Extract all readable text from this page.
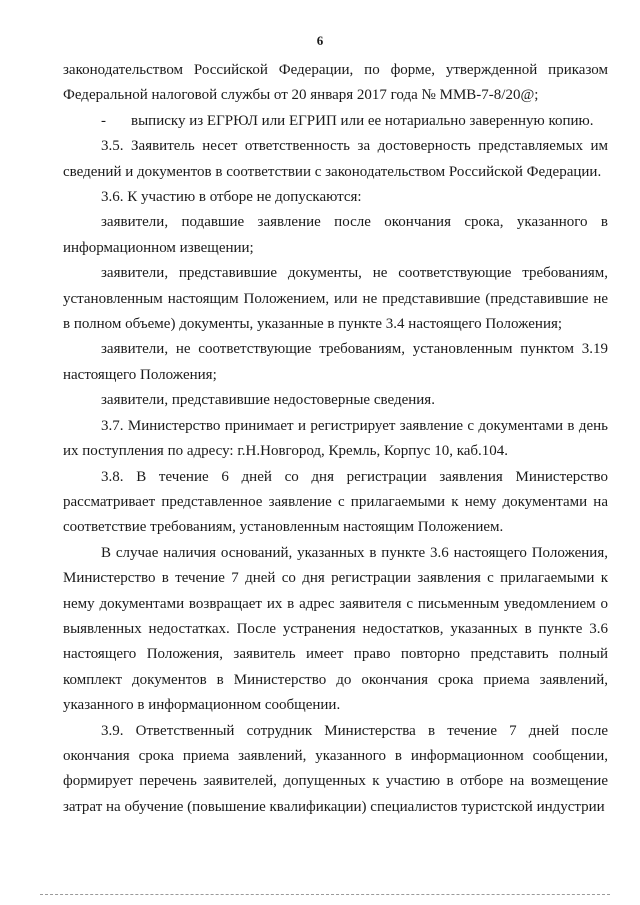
6

законодательством Российской Федерации, по форме, утвержденной приказом Федеральной налоговой службы от 20 января 2017 года № ММВ-7-8/20@;

-	выписку из ЕГРЮЛ или ЕГРИП или ее нотариально заверенную копию.

3.5. Заявитель несет ответственность за достоверность представляемых им сведений и документов в соответствии с законодательством Российской Федерации.

3.6. К участию в отборе не допускаются:

заявители, подавшие заявление после окончания срока, указанного в информационном извещении;

заявители, представившие документы, не соответствующие требованиям, установленным настоящим Положением, или не представившие (представившие не в полном объеме) документы, указанные в пункте 3.4 настоящего Положения;

заявители, не соответствующие требованиям, установленным пунктом 3.19 настоящего Положения;

заявители, представившие недостоверные сведения.

3.7. Министерство принимает и регистрирует заявление с документами в день их поступления по адресу: г.Н.Новгород, Кремль, Корпус 10, каб.104.

3.8. В течение 6 дней со дня регистрации заявления Министерство рассматривает представленное заявление с прилагаемыми к нему документами на соответствие требованиям, установленным настоящим Положением.

В случае наличия оснований, указанных в пункте 3.6 настоящего Положения, Министерство в течение 7 дней со дня регистрации заявления с прилагаемыми к нему документами возвращает их в адрес заявителя с письменным уведомлением о выявленных недостатках. После устранения недостатков, указанных в пункте 3.6 настоящего Положения, заявитель имеет право повторно представить полный комплект документов в Министерство до окончания срока приема заявлений, указанного в информационном сообщении.

3.9. Ответственный сотрудник Министерства в течение 7 дней после окончания срока приема заявлений, указанного в информационном сообщении, формирует перечень заявителей, допущенных к участию в отборе на возмещение затрат на обучение (повышение квалификации) специалистов туристской индустрии
